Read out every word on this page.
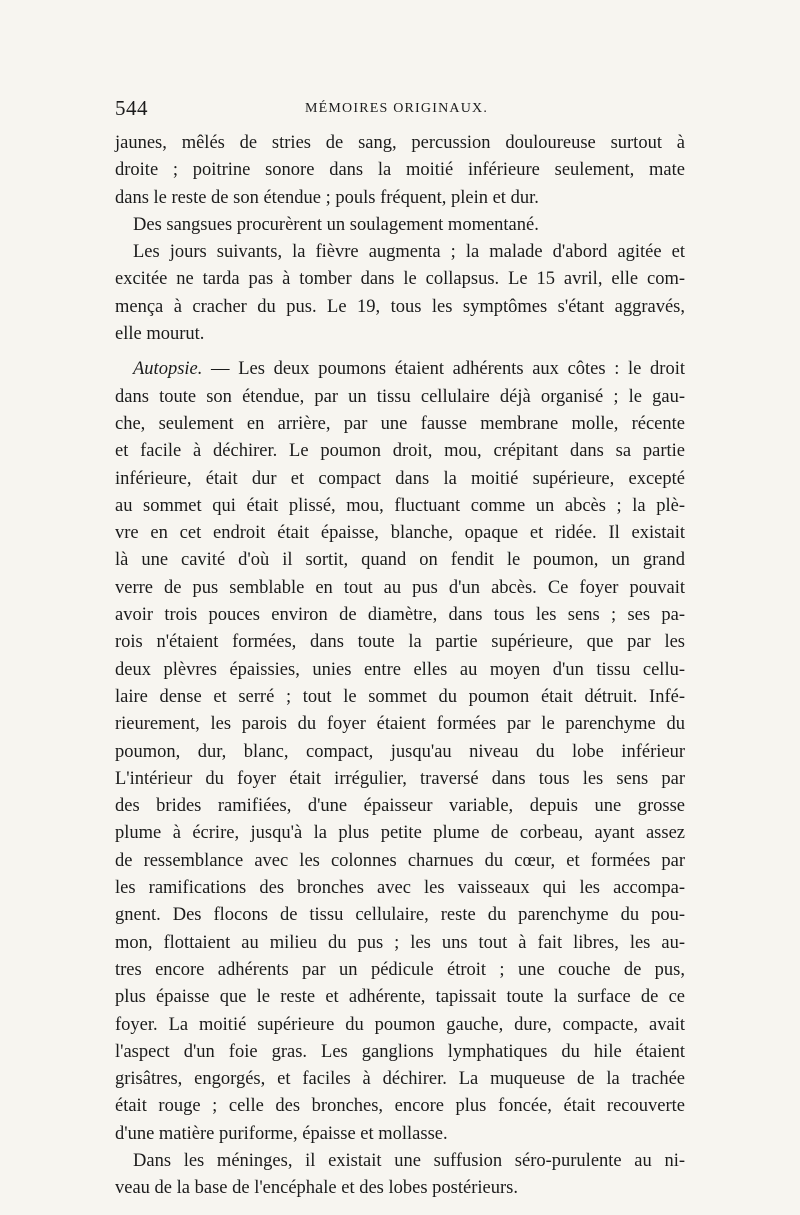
544	MÉMOIRES ORIGINAUX.
jaunes, mêlés de stries de sang, percussion douloureuse surtout à
droite ; poitrine sonore dans la moitié inférieure seulement, mate
dans le reste de son étendue ; pouls fréquent, plein et dur.
Des sangsues procurèrent un soulagement momentané.
Les jours suivants, la fièvre augmenta ; la malade d'abord agitée et
excitée ne tarda pas à tomber dans le collapsus. Le 15 avril, elle com-
mença à cracher du pus. Le 19, tous les symptômes s'étant aggravés,
elle mourut.
Autopsie. — Les deux poumons étaient adhérents aux côtes : le droit
dans toute son étendue, par un tissu cellulaire déjà organisé ; le gau-
che, seulement en arrière, par une fausse membrane molle, récente
et facile à déchirer. Le poumon droit, mou, crépitant dans sa partie
inférieure, était dur et compact dans la moitié supérieure, excepté
au sommet qui était plissé, mou, fluctuant comme un abcès ; la plè-
vre en cet endroit était épaisse, blanche, opaque et ridée. Il existait
là une cavité d'où il sortit, quand on fendit le poumon, un grand
verre de pus semblable en tout au pus d'un abcès. Ce foyer pouvait
avoir trois pouces environ de diamètre, dans tous les sens ; ses pa-
rois n'étaient formées, dans toute la partie supérieure, que par les
deux plèvres épaissies, unies entre elles au moyen d'un tissu cellu-
laire dense et serré ; tout le sommet du poumon était détruit. Infé-
rieurement, les parois du foyer étaient formées par le parenchyme du
poumon, dur, blanc, compact, jusqu'au niveau du lobe inférieur
L'intérieur du foyer était irrégulier, traversé dans tous les sens par
des brides ramifiées, d'une épaisseur variable, depuis une grosse
plume à écrire, jusqu'à la plus petite plume de corbeau, ayant assez
de ressemblance avec les colonnes charnues du cœur, et formées par
les ramifications des bronches avec les vaisseaux qui les accompa-
gnent. Des flocons de tissu cellulaire, reste du parenchyme du pou-
mon, flottaient au milieu du pus ; les uns tout à fait libres, les au-
tres encore adhérents par un pédicule étroit ; une couche de pus,
plus épaisse que le reste et adhérente, tapissait toute la surface de ce
foyer. La moitié supérieure du poumon gauche, dure, compacte, avait
l'aspect d'un foie gras. Les ganglions lymphatiques du hile étaient
grisâtres, engorgés, et faciles à déchirer. La muqueuse de la trachée
était rouge ; celle des bronches, encore plus foncée, était recouverte
d'une matière puriforme, épaisse et mollasse.
Dans les méninges, il existait une suffusion séro-purulente au ni-
veau de la base de l'encéphale et des lobes postérieurs.
